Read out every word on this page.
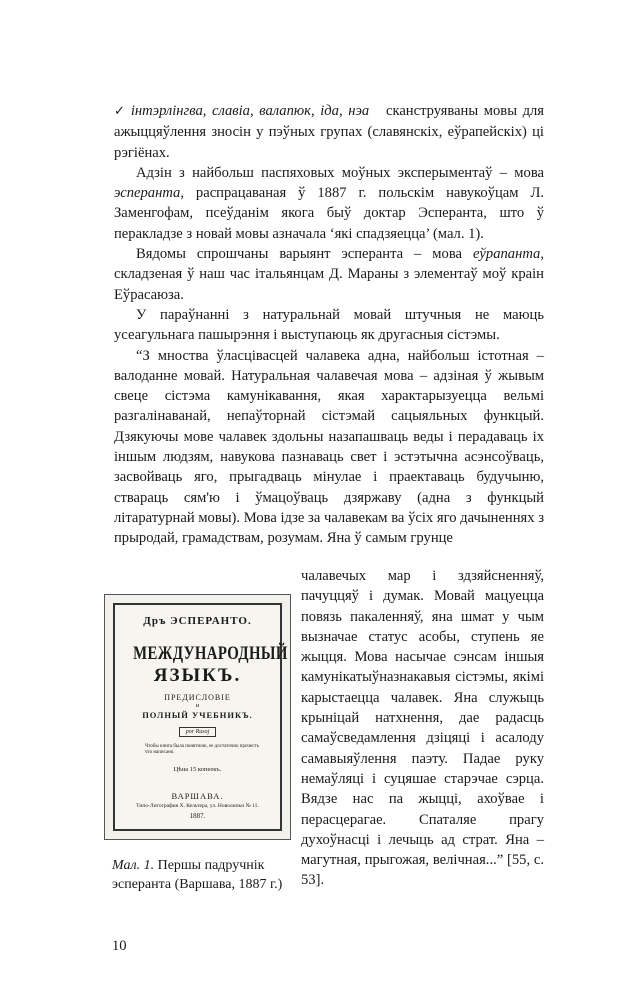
✓ інтэрлінгва, славіа, валапюк, іда, нэа сканструяваны мовы для ажыццяўлення зносін у пэўных групах (славянскіх, еўрапейскіх) ці рэгіёнах.

Адзін з найбольш паспяховых моўных эксперыментаў – мова эсперанта, распрацаваная ў 1887 г. польскім навукоўцам Л. Заменгофам, псеўданім якога быў доктар Эсперанта, што ў перакладзе з новай мовы азначала ‘які спадзяецца’ (мал. 1).

Вядомы спрошчаны варыянт эсперанта – мова еўрапанта, складзеная ў наш час італьянцам Д. Мараны з элементаў моў краін Еўрасаюза.

У параўнанні з натуральнай мовай штучныя не маюць усеагульнага пашырэння і выступаюць як другасныя сістэмы.

“З мноства ўласцівасцей чалавека адна, найбольш істотная – валоданне мовай. Натуральная чалавечая мова – адзіная ў жывым свеце сістэма камунікавання, якая характарызуецца вельмі разгалінаванай, непаўторнай сістэмай сацыяльных функцый. Дзякуючы мове чалавек здольны назапашваць веды і перадаваць іх іншым людзям, навукова пазнаваць свет і эстэтычна асэнсоўваць, засвойваць яго, прыгадваць мінулае і праектаваць будучыню, ствараць сям'ю і ўмацоўваць дзяржаву (адна з функцый літаратурнай мовы). Мова ідзе за чалавекам ва ўсіх яго дачыненнях з прыродай, грамадствам, розумам. Яна ў самым грунце

чалавечых мар і здзяйсненняў, пачуццяў і думак. Мовай мацуецца повязь пакаленняў, яна шмат у чым вызначае статус асобы, ступень яе жыцця. Мова насычае сэнсам іншыя камунікатыўназнакавыя сістэмы, якімі карыстаецца чалавек. Яна служыць крыніцай натхнення, дае радасць самаўсведамлення дзіцяці і асалоду самавыяўлення паэту. Падае руку немаўляці і суцяшае старэчае сэрца. Вядзе нас па жыцці, ахоўвае і перасцерагае. Спаталяе прагу духоўнасці і лечыць ад страт. Яна – магутная, прыгожая, велічная...” [55, с. 53].
Дръ ЭСПЕРАНТО.
МЕЖДУНАРОДНЫЙ
ЯЗЫКЪ.
ПРЕДИСЛОВІЕ
и
ПОЛНЫЙ УЧЕБНИКЪ.
por Rusoj
Чтобы книга была понятною, ее достаточно прочесть что написано.
Цѣна 15 копеекъ.
ВАРШАВА.
Типо-Литография Х. Кельтера, ул. Новолипки № 11.
1887.
Мал. 1. Першы падручнік эсперанта (Варшава, 1887 г.)
10
